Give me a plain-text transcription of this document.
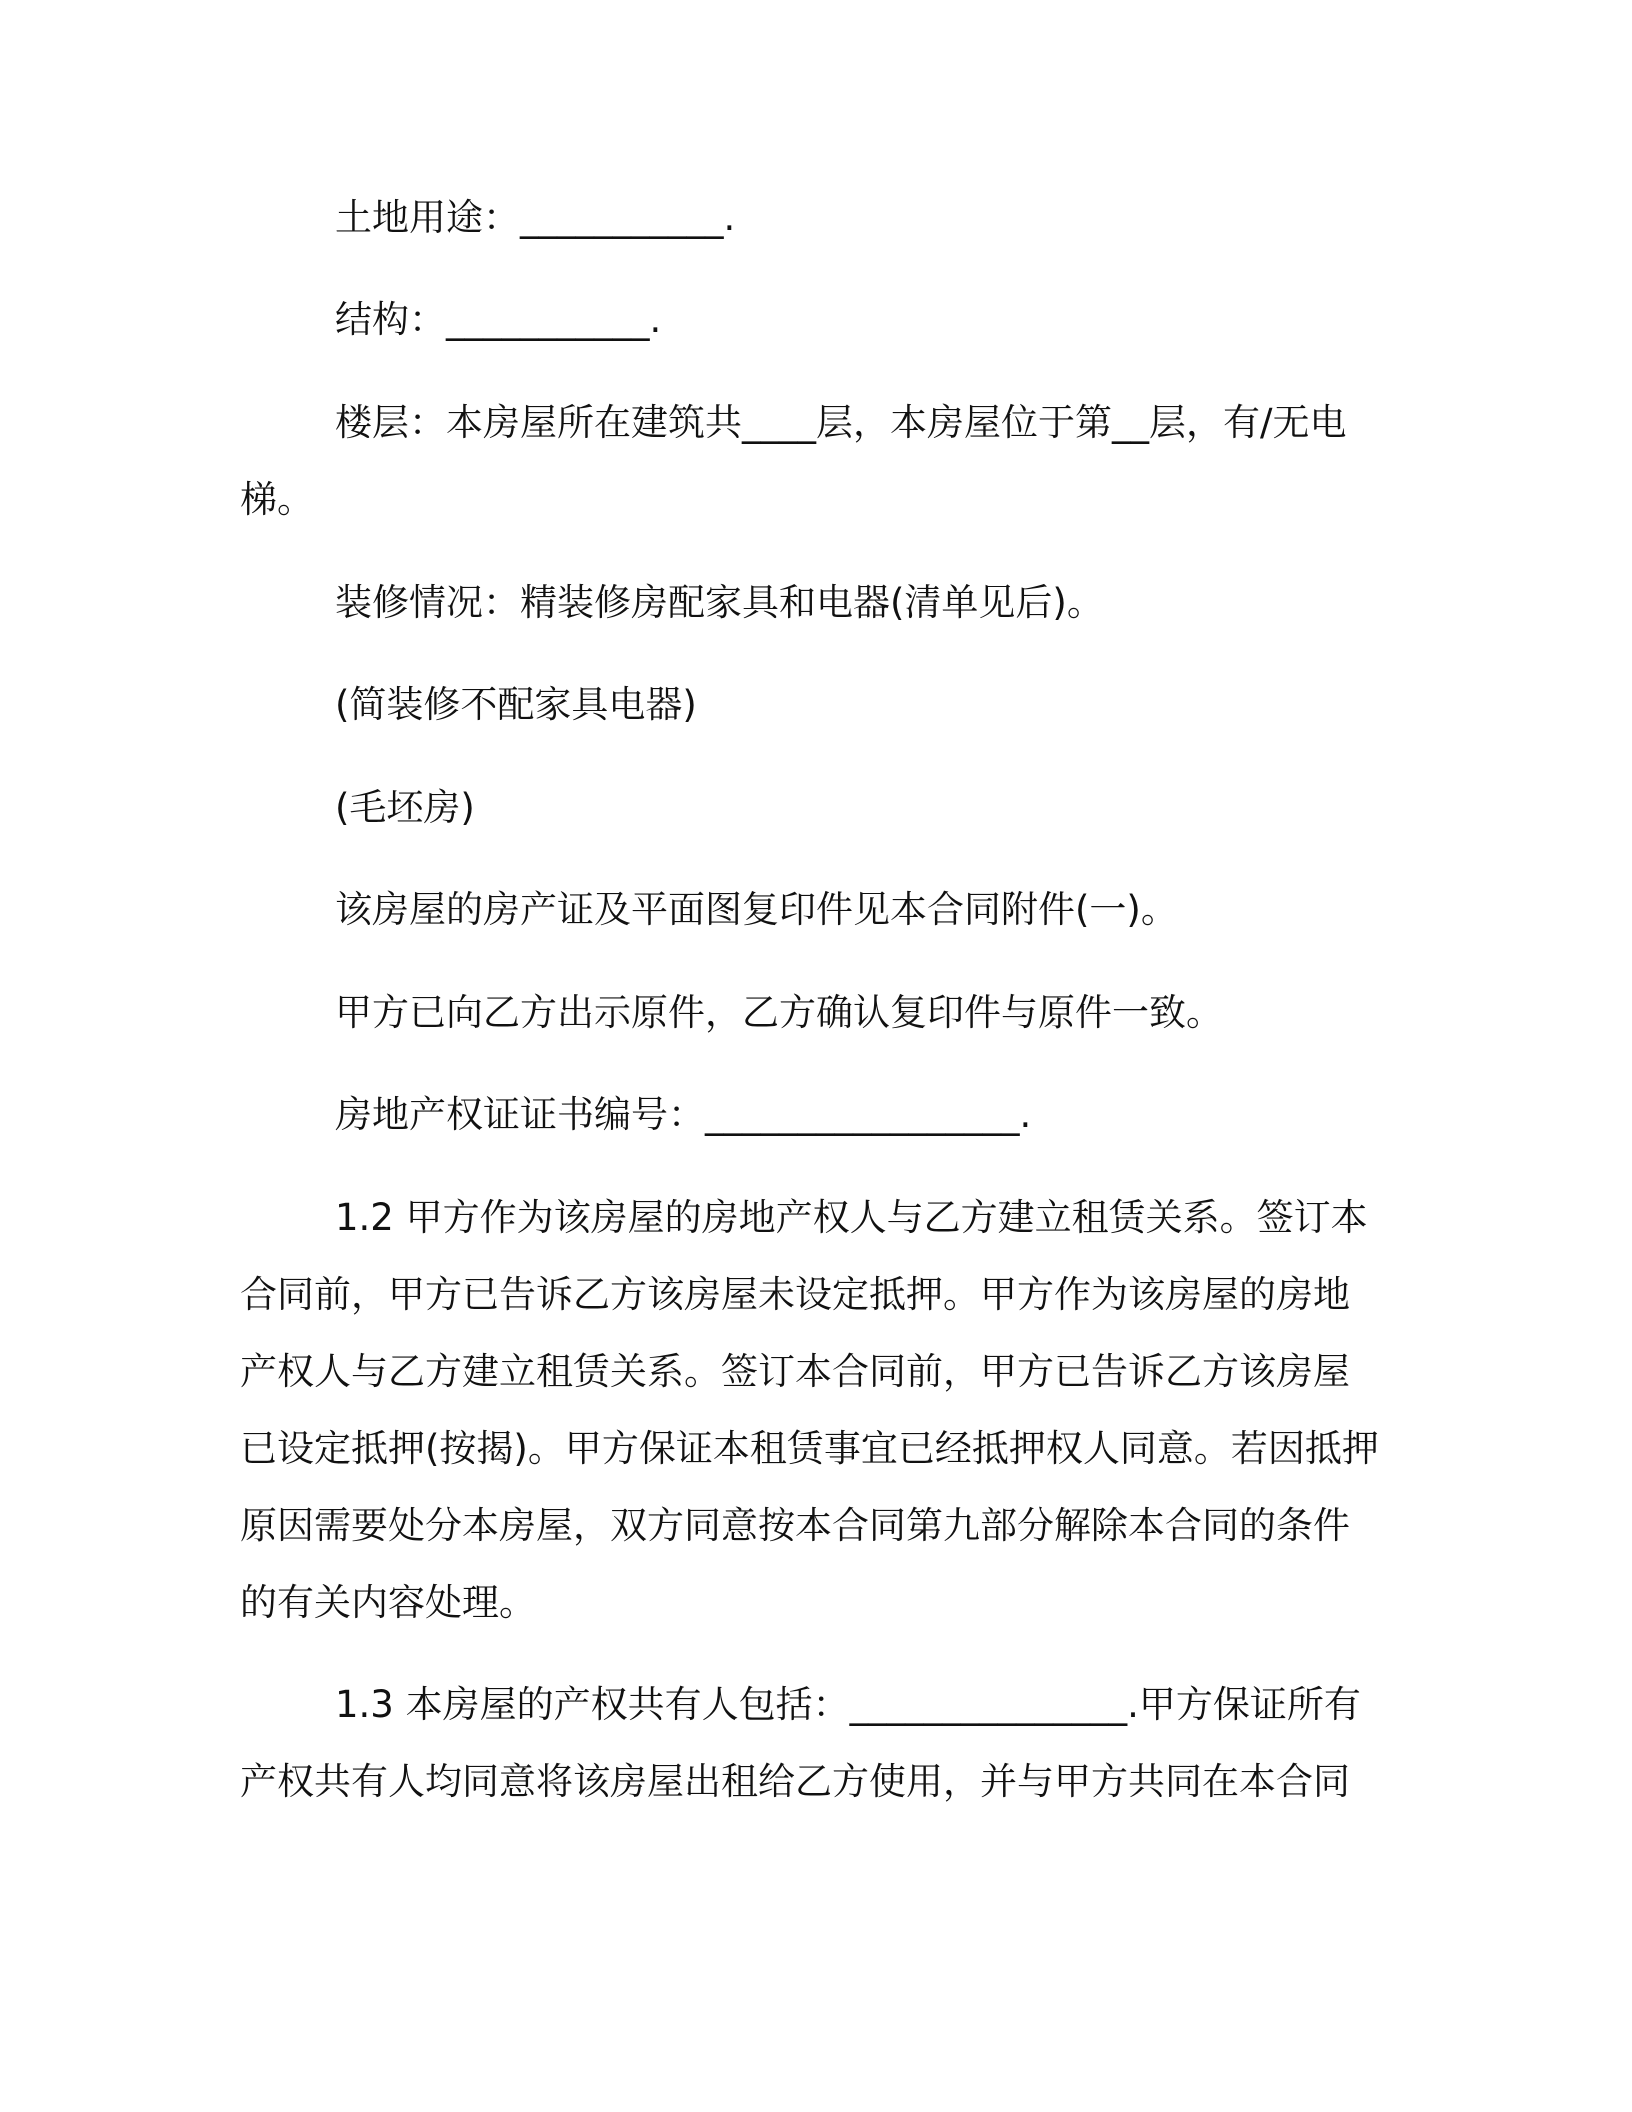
土地用途：___________.
结构：___________.
楼层：本房屋所在建筑共____层，本房屋位于第__层，有/无电
梯。
装修情况：精装修房配家具和电器(清单见后)。
(简装修不配家具电器)
(毛坯房)
该房屋的房产证及平面图复印件见本合同附件(一)。
甲方已向乙方出示原件，乙方确认复印件与原件一致。
房地产权证证书编号：_________________.
1.2 甲方作为该房屋的房地产权人与乙方建立租赁关系。签订本
合同前，甲方已告诉乙方该房屋未设定抵押。甲方作为该房屋的房地
产权人与乙方建立租赁关系。签订本合同前，甲方已告诉乙方该房屋
已设定抵押(按揭)。甲方保证本租赁事宜已经抵押权人同意。若因抵押
原因需要处分本房屋，双方同意按本合同第九部分解除本合同的条件
的有关内容处理。
1.3 本房屋的产权共有人包括：_______________.甲方保证所有
产权共有人均同意将该房屋出租给乙方使用，并与甲方共同在本合同
